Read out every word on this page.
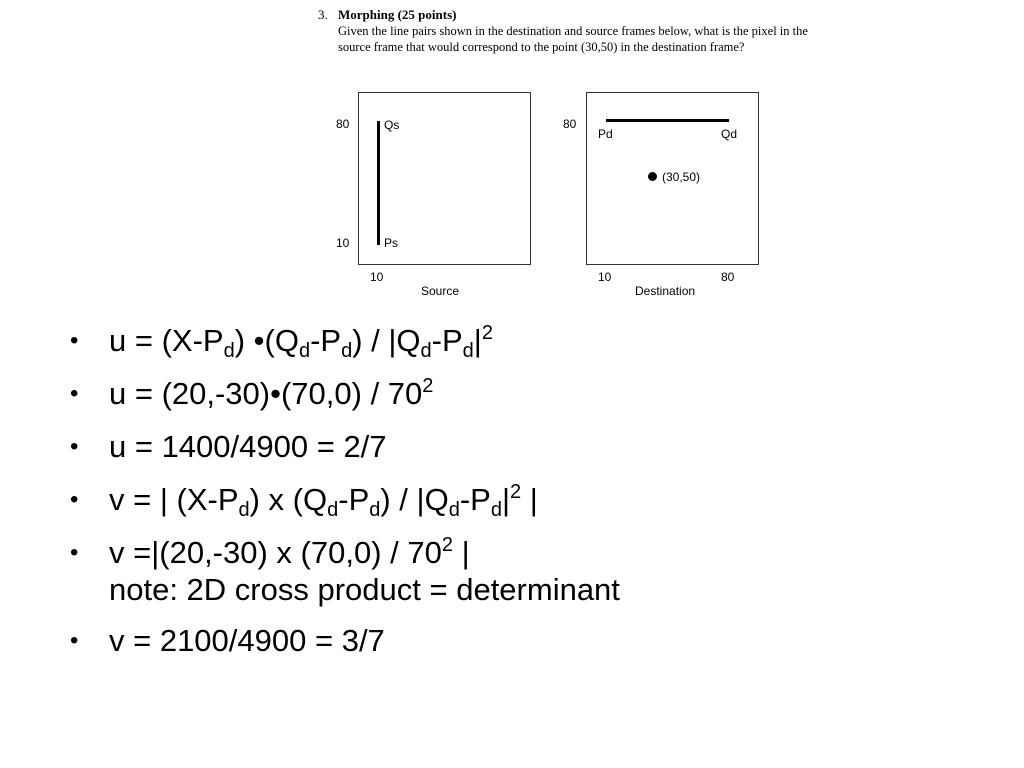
3. Morphing (25 points)
Given the line pairs shown in the destination and source frames below, what is the pixel in the source frame that would correspond to the point (30,50) in the destination frame?
80
10
10
Qs
Ps
Source
80
10	80
Pd	Qd
(30,50)
Destination
• $u = (X-P_d)$ $•(Q_d-P_d) / |Q_d-P_d|^2$
• u = (20,-30)•(70,0) / $70^2$
• u = 1400/4900 = 2/7
• v = | $(X-P_d)$ x $(Q_d-P_d) / |Q_d-P_d|^2$ |
• v =|(20,-30) x $(70,0) / 70^2$ |
note: 2D cross product = determinant
• v = 2100/4900 = 3/7
